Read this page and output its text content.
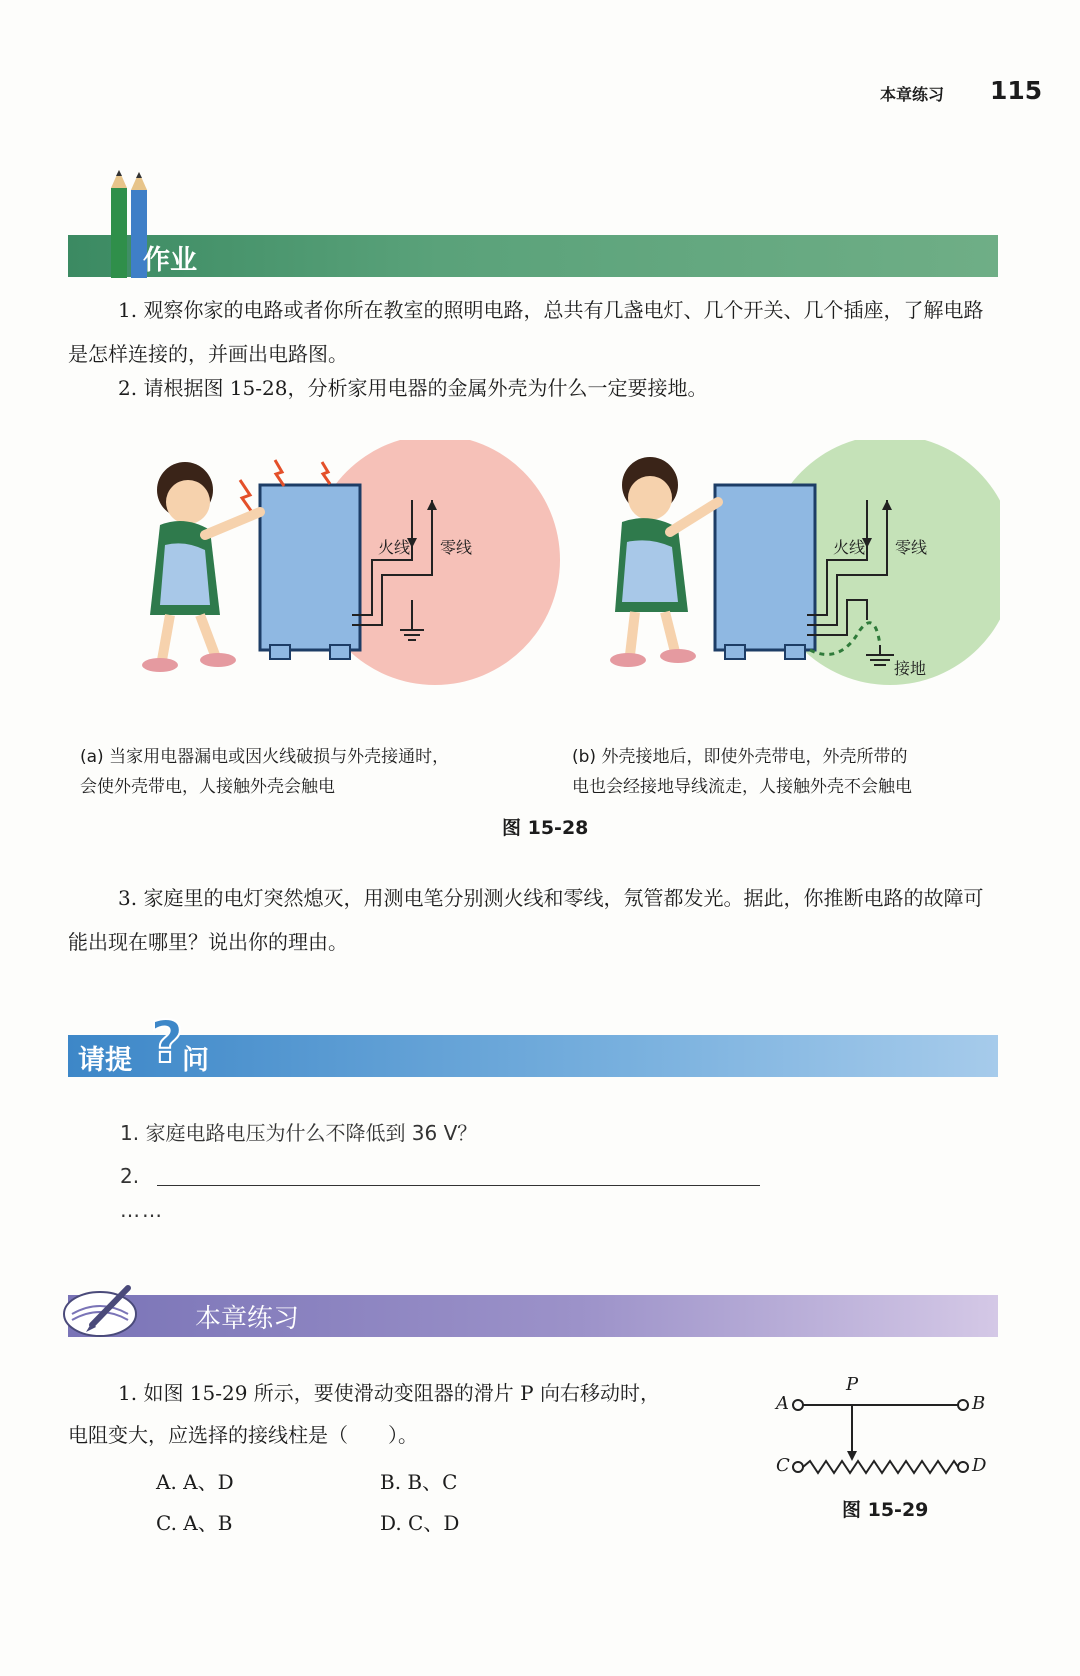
本章练习 115
作业
1. 观察你家的电路或者你所在教室的照明电路，总共有几盏电灯、几个开关、几个插座，了解电路是怎样连接的，并画出电路图。
2. 请根据图 15-28，分析家用电器的金属外壳为什么一定要接地。
火线 零线	火线 零线
接地
(a) 当家用电器漏电或因火线破损与外壳接通时，
会使外壳带电，人接触外壳会触电
(b) 外壳接地后，即使外壳带电，外壳所带的
电也会经接地导线流走，人接触外壳不会触电
图 15-28
3. 家庭里的电灯突然熄灭，用测电笔分别测火线和零线，氖管都发光。据此，你推断电路的故障可能出现在哪里？说出你的理由。
请提 ?
问
1. 家庭电路电压为什么不降低到 36 V？
2.
……
本章练习
1. 如图 15-29 所示，要使滑动变阻器的滑片 P 向右移动时，
电阻变大，应选择的接线柱是（　　）。
A. A、D	B. B、C
C. A、B	D. C、D
A	B
C	D
P
图 15-29
